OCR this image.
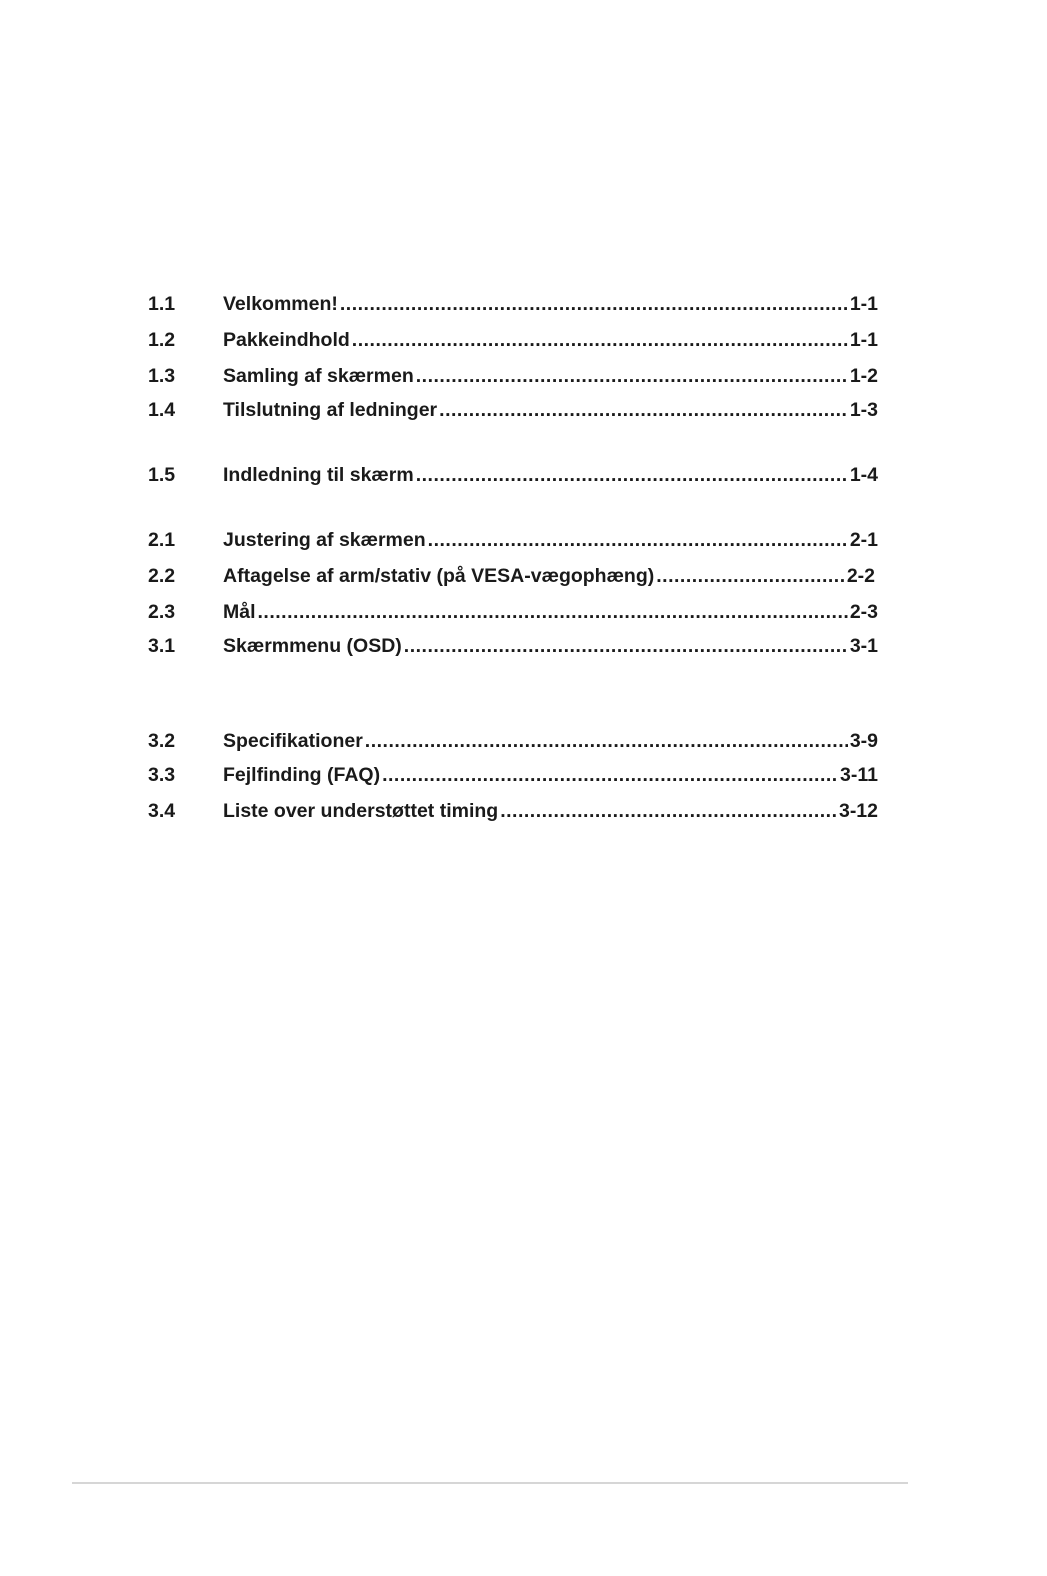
1.1	Velkommen! .....	1-1
1.2	Pakkeindhold .....	1-1
1.3	Samling af skærmen .....	1-2
1.4	Tilslutning af ledninger .....	1-3
1.5	Indledning til skærm .....	1-4
2.1	Justering af skærmen .....	2-1
2.2	Aftagelse af arm/stativ (på VESA-vægophæng) .....	2-2
2.3	Mål .....	2-3
3.1	Skærmmenu (OSD) .....	3-1
3.2	Specifikationer .....	3-9
3.3	Fejlfinding (FAQ) .....	3-11
3.4	Liste over understøttet timing .....	3-12
